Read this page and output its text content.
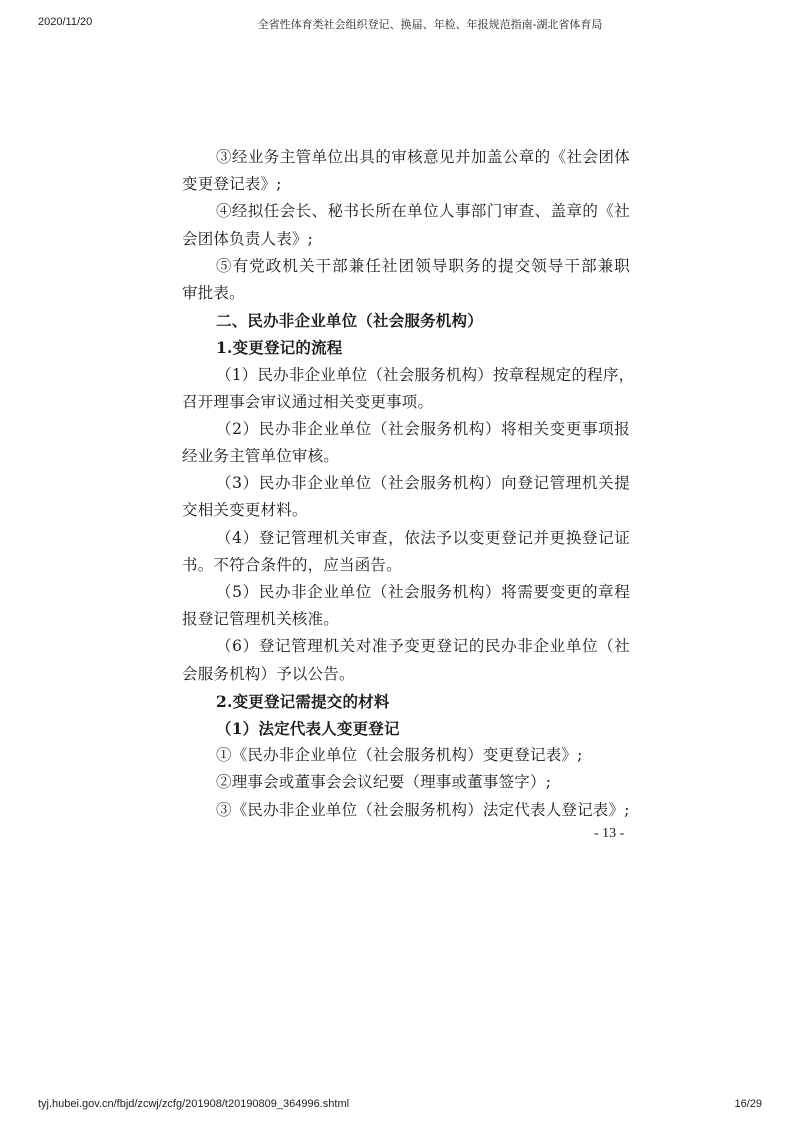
2020/11/20	全省性体育类社会组织登记、换届、年检、年报规范指南-湖北省体育局
③经业务主管单位出具的审核意见并加盖公章的《社会团体
变更登记表》;
④经拟任会长、秘书长所在单位人事部门审查、盖章的《社
会团体负责人表》;
⑤有党政机关干部兼任社团领导职务的提交领导干部兼职
审批表。
二、民办非企业单位（社会服务机构）
1.变更登记的流程
（1）民办非企业单位（社会服务机构）按章程规定的程序，
召开理事会审议通过相关变更事项。
（2）民办非企业单位（社会服务机构）将相关变更事项报
经业务主管单位审核。
（3）民办非企业单位（社会服务机构）向登记管理机关提
交相关变更材料。
（4）登记管理机关审查，依法予以变更登记并更换登记证
书。不符合条件的，应当函告。
（5）民办非企业单位（社会服务机构）将需要变更的章程
报登记管理机关核准。
（6）登记管理机关对准予变更登记的民办非企业单位（社
会服务机构）予以公告。
2.变更登记需提交的材料
（1）法定代表人变更登记
①《民办非企业单位（社会服务机构）变更登记表》;
②理事会或董事会会议纪要（理事或董事签字）;
③《民办非企业单位（社会服务机构）法定代表人登记表》;
- 13 -
tyj.hubei.gov.cn/fbjd/zcwj/zcfg/201908/t20190809_364996.shtml	16/29
